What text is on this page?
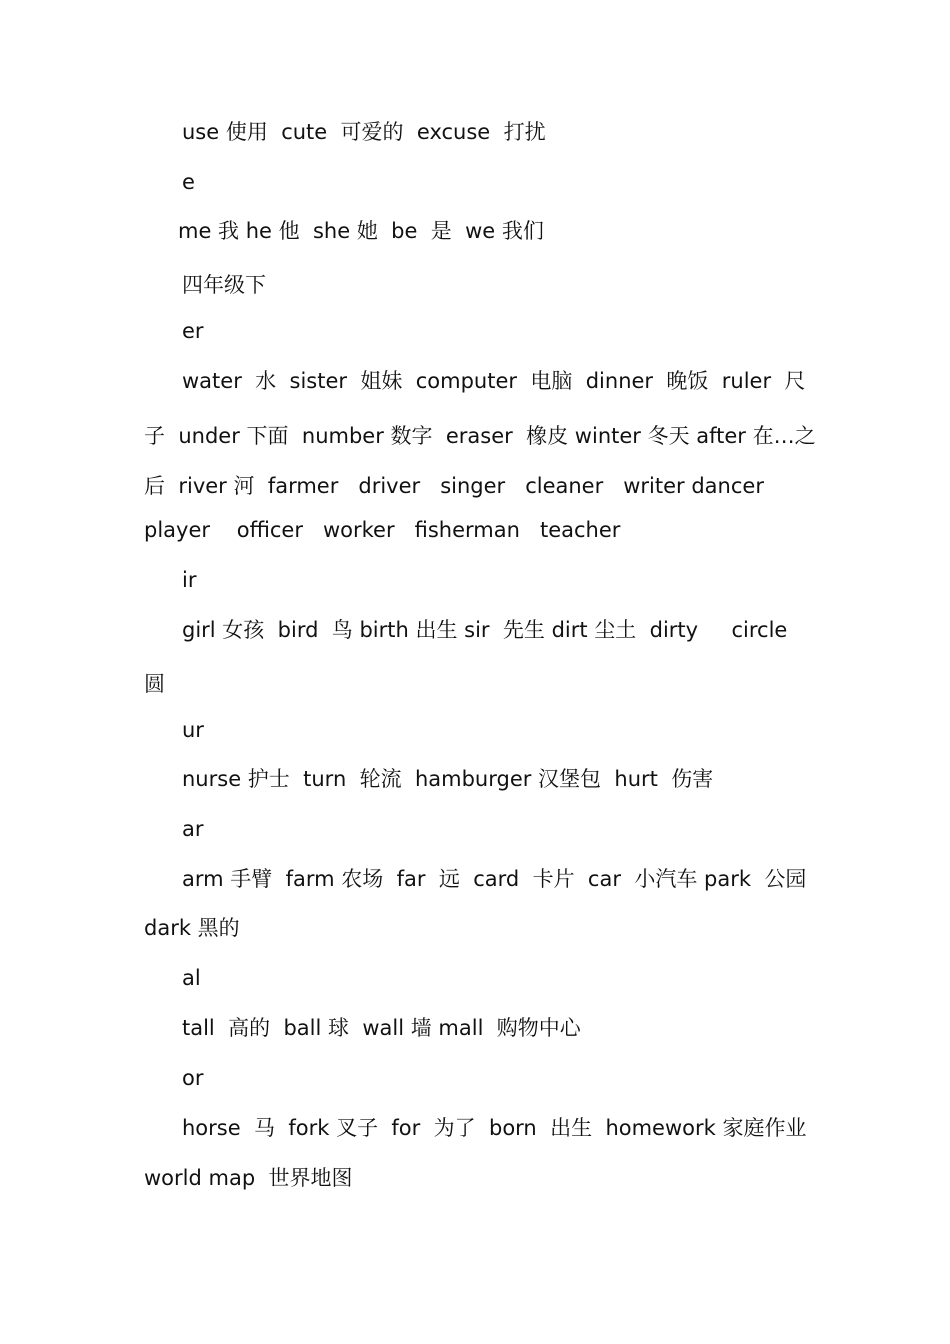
use 使用  cute  可爱的  excuse  打扰
e
me 我 he 他  she 她  be  是  we 我们
四年级下
er
water  水  sister  姐妹  computer  电脑  dinner  晚饭  ruler  尺
子  under 下面  number 数字  eraser  橡皮 winter 冬天 after 在…之
后  river 河  farmer   driver   singer   cleaner   writer dancer
player    officer   worker   fisherman   teacher
ir
girl 女孩  bird  鸟 birth 出生 sir  先生 dirt 尘土  dirty     circle
圆
ur
nurse 护士  turn  轮流  hamburger 汉堡包  hurt  伤害
ar
arm 手臂  farm 农场  far  远  card  卡片  car  小汽车 park  公园
dark 黑的
al
tall  高的  ball 球  wall 墙 mall  购物中心
or
horse  马  fork 叉子  for  为了  born  出生  homework 家庭作业
world map  世界地图
